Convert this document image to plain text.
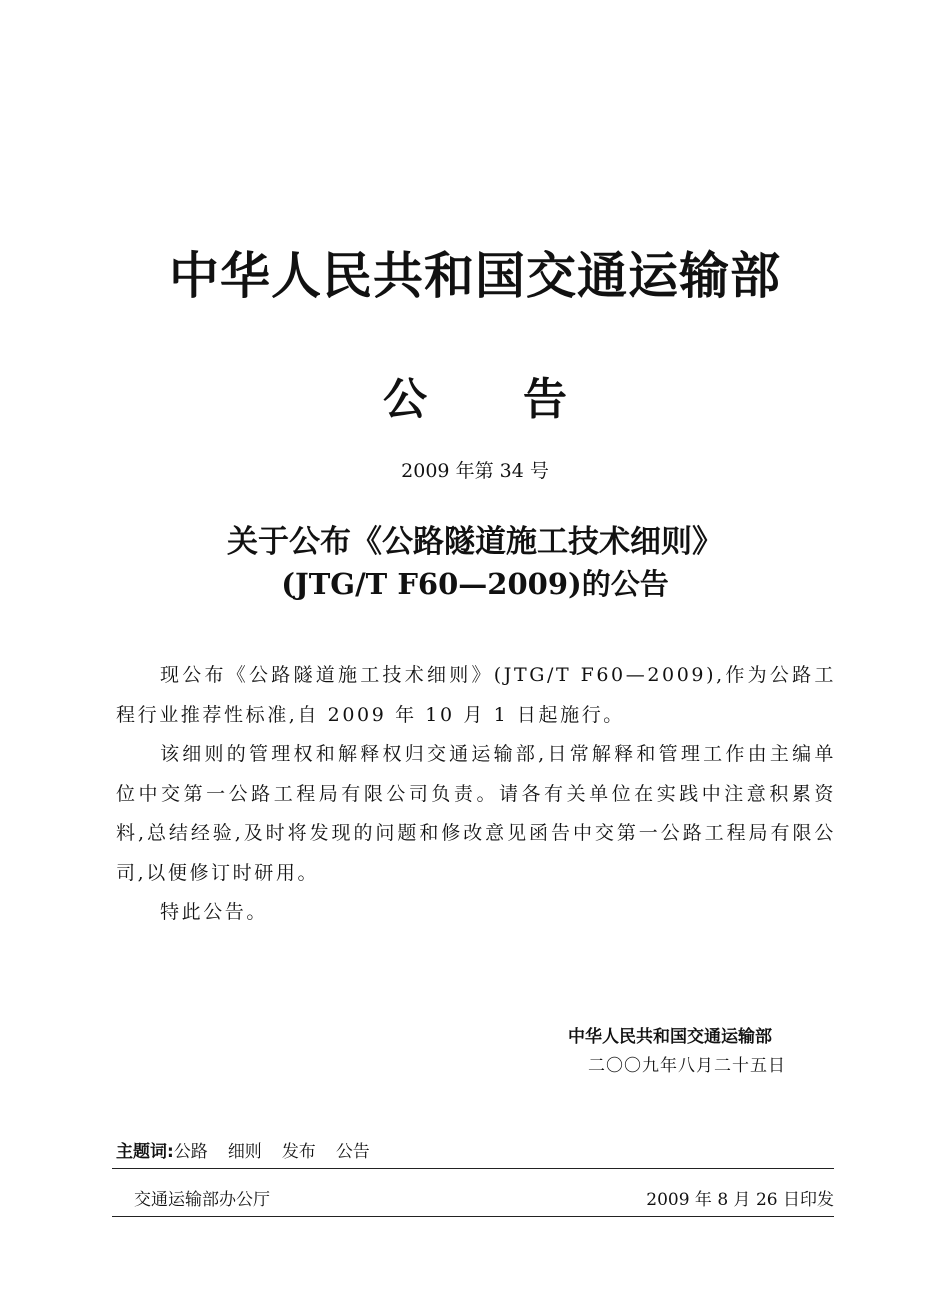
中华人民共和国交通运输部
公 告
2009 年第 34 号
关于公布《公路隧道施工技术细则》
(JTG/T F60—2009)的公告

现公布《公路隧道施工技术细则》(JTG/T F60—2009),作为公路工程行业推荐性标准,自 2009 年 10 月 1 日起施行。

该细则的管理权和解释权归交通运输部,日常解释和管理工作由主编单位中交第一公路工程局有限公司负责。请各有关单位在实践中注意积累资料,总结经验,及时将发现的问题和修改意见函告中交第一公路工程局有限公司,以便修订时研用。

特此公告。

中华人民共和国交通运输部
二〇〇九年八月二十五日
主题词:公路 细则 发布 公告
交通运输部办公厅	2009 年 8 月 26 日印发
